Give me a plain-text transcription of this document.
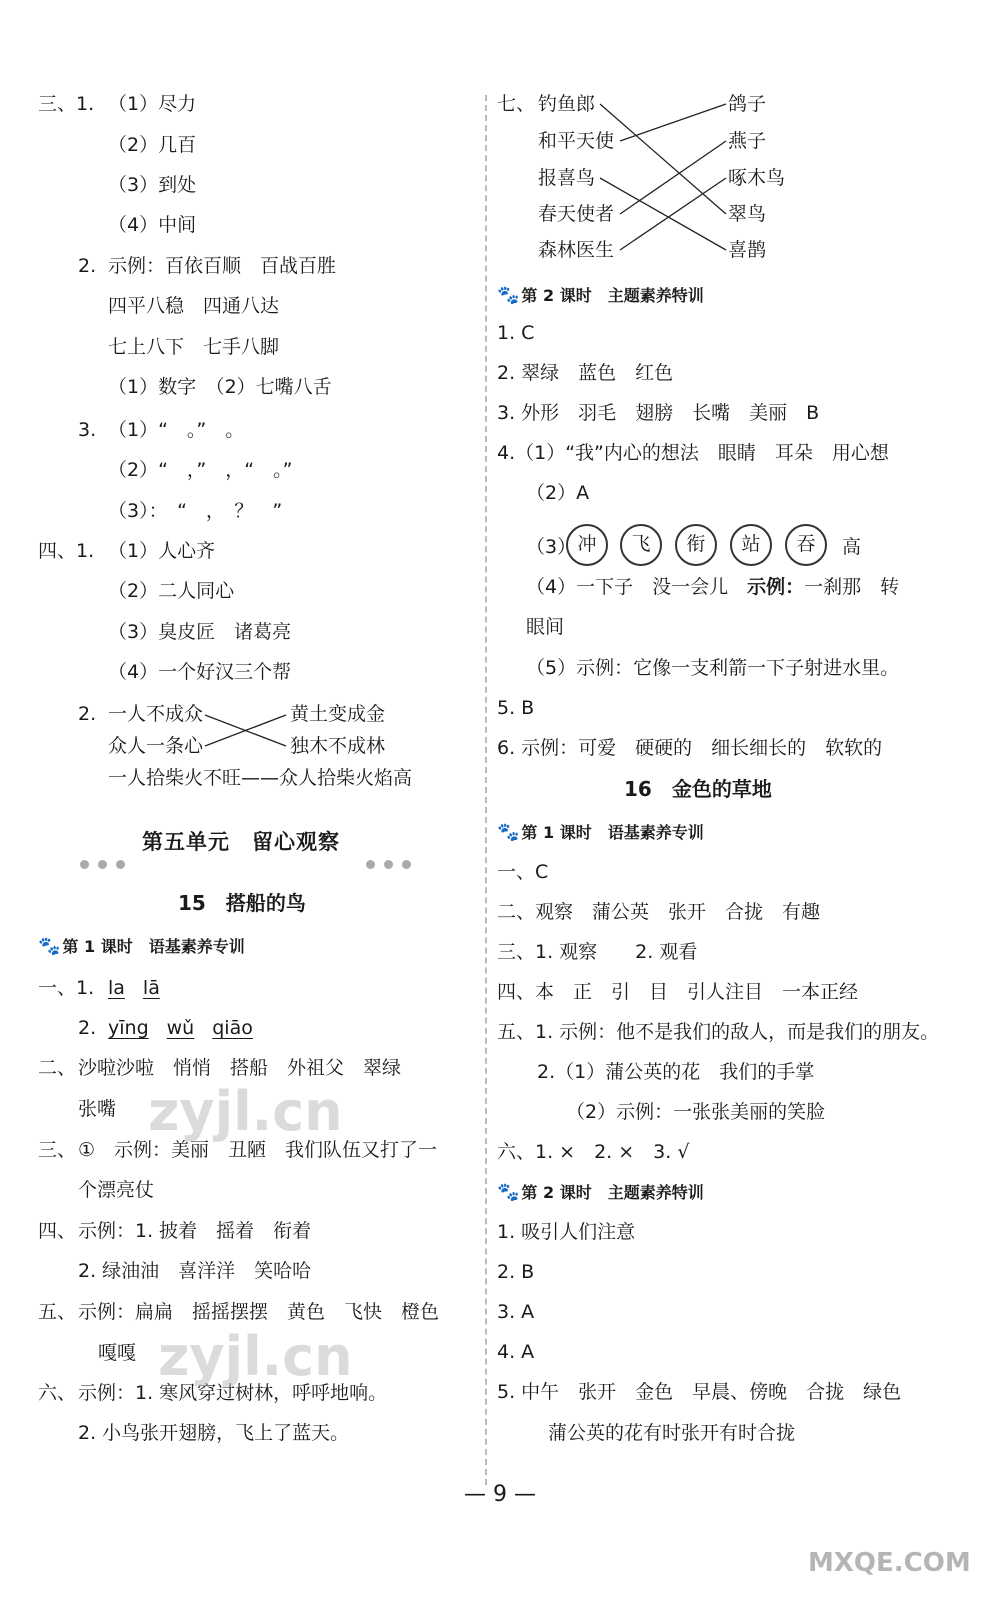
三、1. （1）尽力
（2）几百
（3）到处
（4）中间
2. 示例：百依百顺　百战百胜
四平八稳　四通八达
七上八下　七手八脚
（1）数字　（2）七嘴八舌
3. （1）“　。”　。
（2）“　，”　，“　。”
（3）：　“　，　？　”
四、1. （1）人心齐
（2）二人同心
（3）臭皮匠　诸葛亮
（4）一个好汉三个帮
2. 一人不成众
众人一条心
黄土变成金
独木不成林
一人拾柴火不旺——众人拾柴火焰高
第五单元　留心观察
15　搭船的鸟
🐾 第 1 课时　语基素养专训
一、1. la lā
2. yīng wǔ qiāo
二、 沙啦沙啦　悄悄　搭船　外祖父　翠绿
张嘴
三、 ①　示例：美丽　丑陋　我们队伍又打了一
个漂亮仗
四、 示例：1. 披着　摇着　衔着
2. 绿油油　喜洋洋　笑哈哈
五、 示例：扁扁　摇摇摆摆　黄色　飞快　橙色
嘎嘎
六、 示例：1. 寒风穿过树林，呼呼地响。
2. 小鸟张开翅膀，飞上了蓝天。
七、 钓鱼郎
和平天使
报喜鸟
春天使者
森林医生
鸽子
燕子
啄木鸟
翠鸟
喜鹊
🐾 第 2 课时　主题素养特训
1. C
2. 翠绿　蓝色　红色
3. 外形　羽毛　翅膀　长嘴　美丽　B
4.（1）“我”内心的想法　眼睛　耳朵　用心想
（2）A
（3） 冲	飞	衔	站	吞	高
（4）一下子　没一会儿　 示例：一刹那　转
眼间
（5）示例：它像一支利箭一下子射进水里。
5. B
6. 示例：可爱　硬硬的　细长细长的　软软的
16　金色的草地
🐾 第 1 课时　语基素养专训
一、C
二、观察　蒲公英　张开　合拢　有趣
三、1. 观察　　2. 观看
四、本　正　引　目　引人注目　一本正经
五、1. 示例：他不是我们的敌人，而是我们的朋友。
2.（1）蒲公英的花　我们的手掌
（2）示例：一张张美丽的笑脸
六、1. ×　2. ×　3. √
🐾 第 2 课时　主题素养特训
1. 吸引人们注意
2. B
3. A
4. A
5. 中午　张开　金色　早晨、傍晚　合拢　绿色
蒲公英的花有时张开有时合拢
zyjl.cn
zyjl.cn
MXQE.COM
— 9 —
